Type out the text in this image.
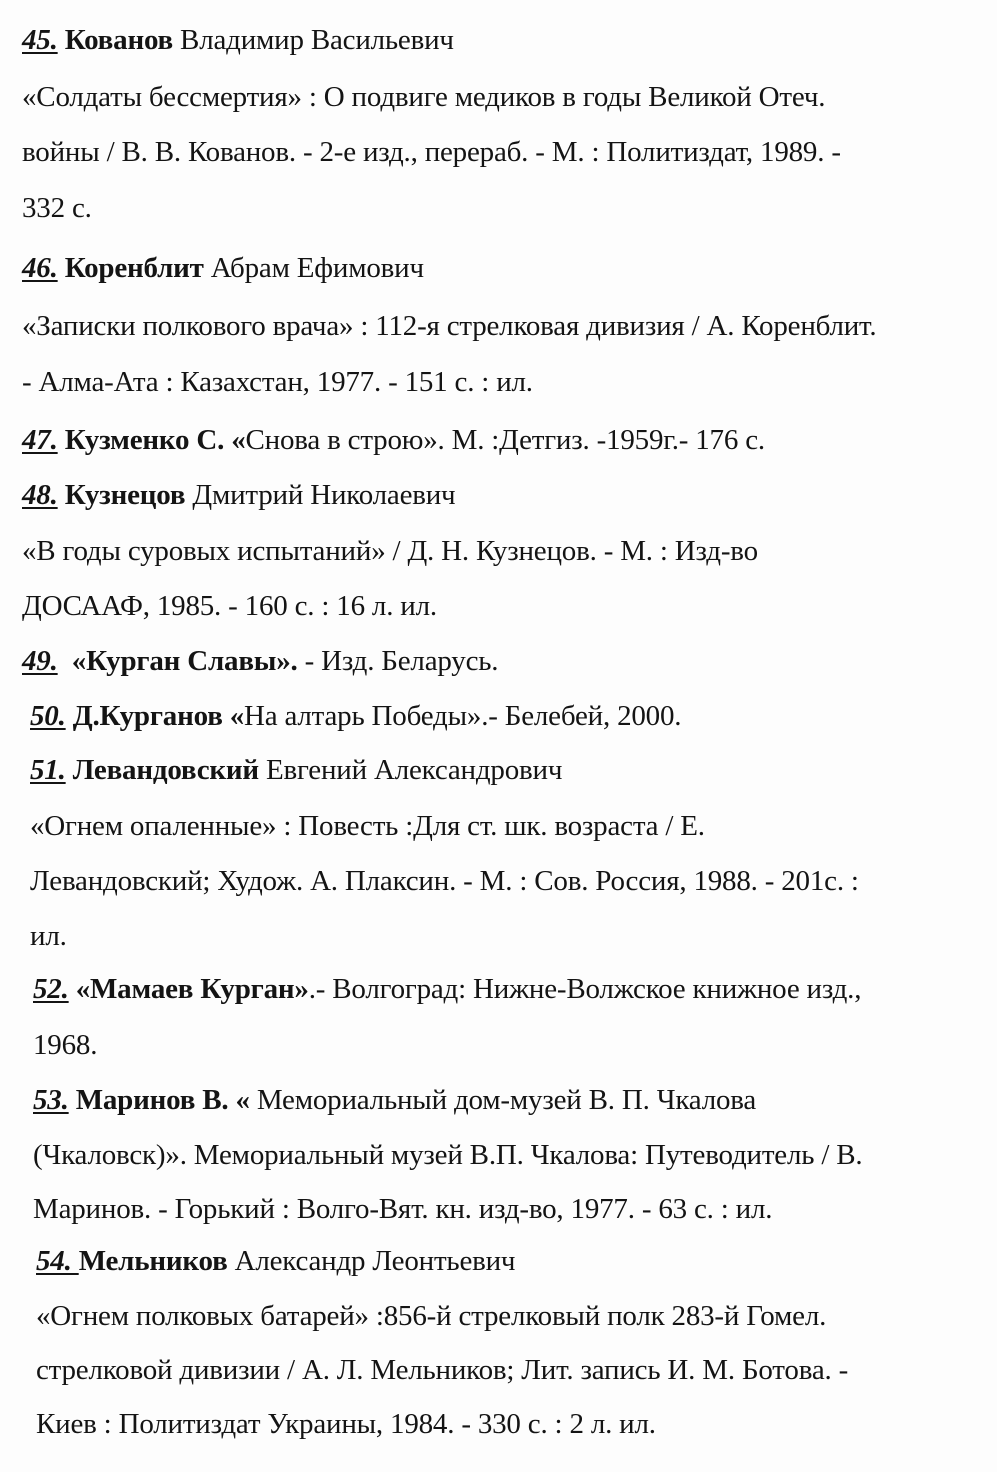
45. Кованов Владимир Васильевич
«Солдаты бессмертия» : О подвиге медиков в годы Великой Отеч.
войны / В. В. Кованов. - 2-е изд., перераб. - М. : Политиздат, 1989. -
332 с.
46. Коренблит Абрам Ефимович
«Записки полкового врача» : 112-я стрелковая дивизия / А. Коренблит.
- Алма-Ата : Казахстан, 1977. - 151 с. : ил.
47. Кузменко С. «Снова в строю». М. :Детгиз. -1959г.- 176 с.
48. Кузнецов Дмитрий Николаевич
«В годы суровых испытаний» / Д. Н. Кузнецов. - М. : Изд-во
ДОСААФ, 1985. - 160 с. : 16 л. ил.
49. «Курган Славы». - Изд. Беларусь.
50. Д.Курганов «На алтарь Победы».- Белебей, 2000.
51. Левандовский Евгений Александрович
«Огнем опаленные» : Повесть :Для ст. шк. возраста / Е.
Левандовский; Худож. А. Плаксин. - М. : Сов. Россия, 1988. - 201с. :
ил.
52. «Мамаев Курган».- Волгоград: Нижне-Волжское книжное изд.,
1968.
53. Маринов В. « Мемориальный дом-музей В. П. Чкалова
(Чкаловск)». Мемориальный музей В.П. Чкалова: Путеводитель / В.
Маринов. - Горький : Волго-Вят. кн. изд-во, 1977. - 63 с. : ил.
54. Мельников Александр Леонтьевич
«Огнем полковых батарей» :856-й стрелковый полк 283-й Гомел.
стрелковой дивизии / А. Л. Мельников; Лит. запись И. М. Ботова. -
Киев : Политиздат Украины, 1984. - 330 с. : 2 л. ил.
